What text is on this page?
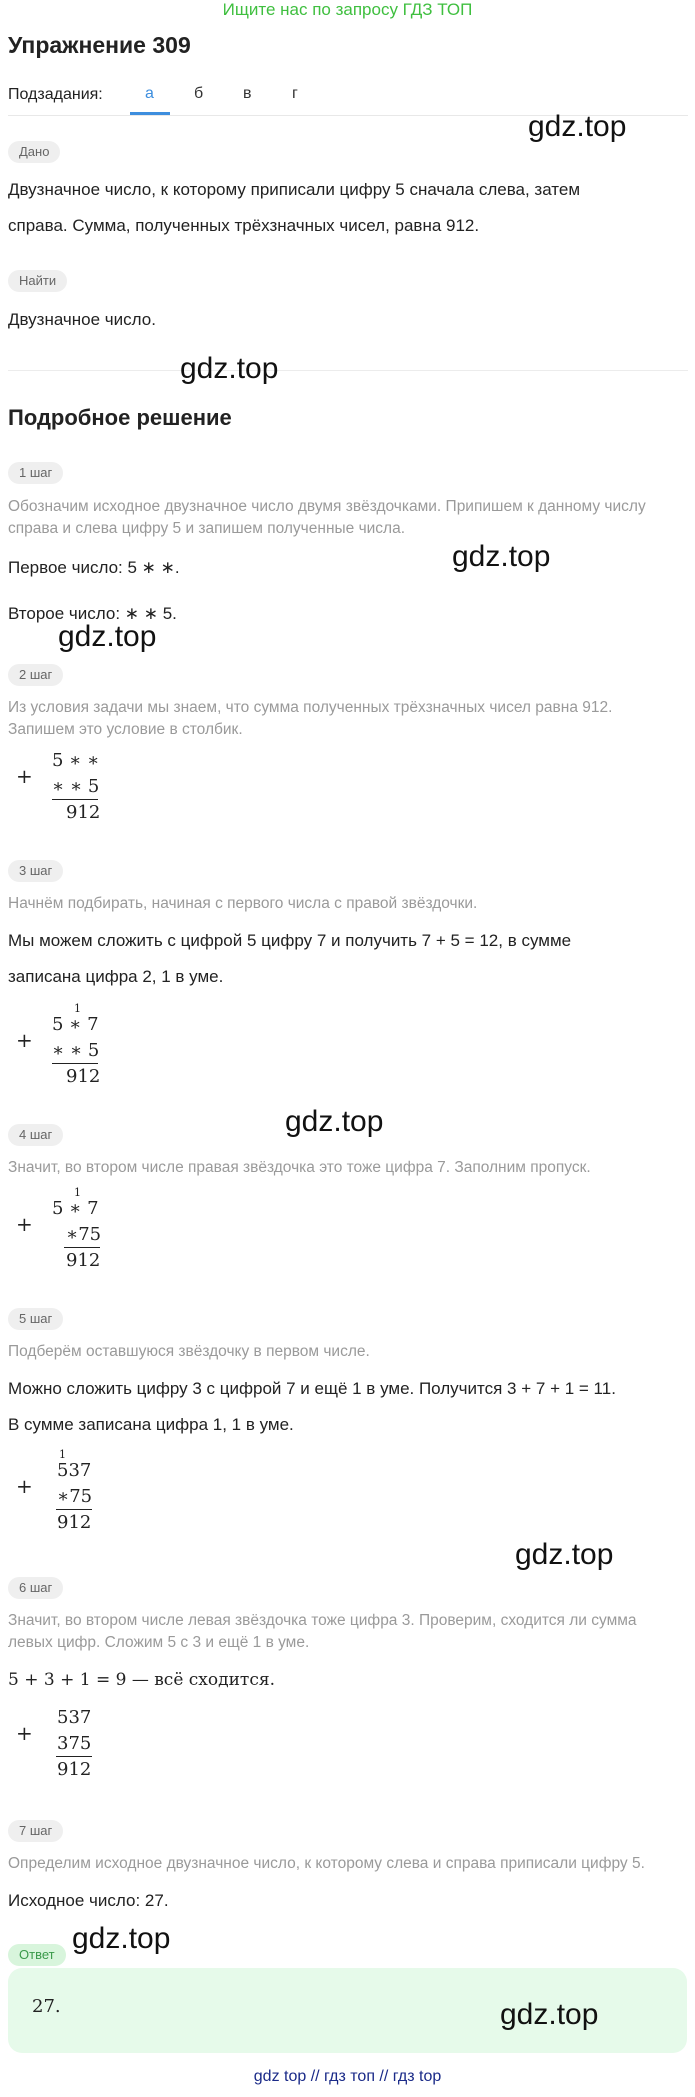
Ищите нас по запросу ГДЗ ТОП
Упражнение 309
Подзадания:	а	б в	г
Дано
Двузначное число, к которому приписали цифру 5 сначала слева, затем
справа. Сумма, полученных трёхзначных чисел, равна 912.
Найти
Двузначное число.
Подробное решение
1 шаг
Обозначим исходное двузначное число двумя звёздочками. Припишем к данному числу
справа и слева цифру 5 и запишем полученные числа.
Первое число: 5 ∗ ∗.
Второе число: ∗ ∗ 5.
2 шаг
Из условия задачи мы знаем, что сумма полученных трёхзначных чисел равна 912.
Запишем это условие в столбик.
+
5 ∗ ∗
∗ ∗ 5
912
3 шаг
Начнём подбирать, начиная с первого числа с правой звёздочки.
Мы можем сложить с цифрой 5 цифру 7 и получить 7 + 5 = 12, в сумме
записана цифра 2, 1 в уме.
1
+
5 ∗ 7
∗ ∗ 5
912
gdz.top
4 шаг
Значит, во втором числе правая звёздочка это тоже цифра 7. Заполним пропуск.
1
+
5 ∗ 7
∗75
912
5 шаг
Подберём оставшуюся звёздочку в первом числе.
Можно сложить цифру 3 с цифрой 7 и ещё 1 в уме. Получится 3 + 7 + 1 = 11.
В сумме записана цифра 1, 1 в уме.
1
+
537
∗75
912
gdz.top
6 шаг
Значит, во втором числе левая звёздочка тоже цифра 3. Проверим, сходится ли сумма
левых цифр. Сложим 5 с 3 и ещё 1 в уме.
5 + 3 + 1 = 9 — всё сходится.
+
537
375
912
7 шаг
Определим исходное двузначное число, к которому слева и справа приписали цифру 5.
Исходное число: 27.
Ответ gdz.top
27.	gdz.top
gdz.top
gdz.top
gdz.top
gdz.top
gdz top // гдз топ // гдз top
